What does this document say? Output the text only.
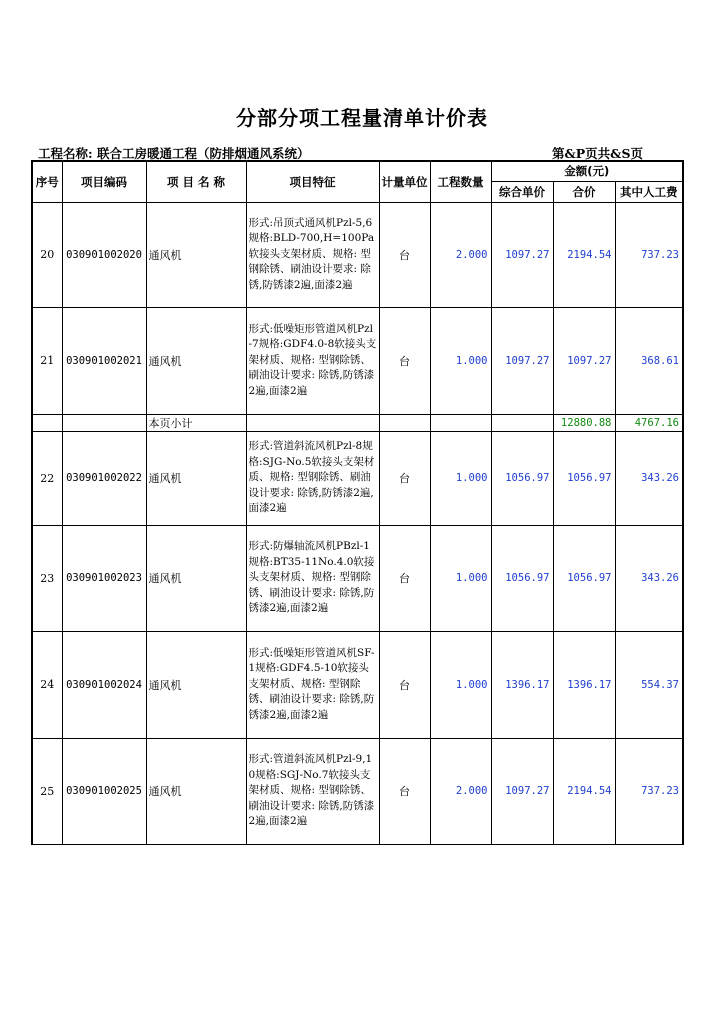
分部分项工程量清单计价表
工程名称: 联合工房暖通工程（防排烟通风系统）	第&P页共&S页
序号	项目编码	项 目 名 称	项目特征	计量单位	工程数量	金额(元)		
						综合单价	合价	其中人工费
20	030901002020	通风机	形式:吊顶式通风机Pzl-5,6规格:BLD-700,H=100Pa软接头支架材质、规格: 型钢除锈、刷油设计要求: 除锈,防锈漆2遍,面漆2遍	台	2.000	1097.27	2194.54	737.23
21	030901002021	通风机	形式:低噪矩形管道风机Pzl-7规格:GDF4.0-8软接头支架材质、规格: 型钢除锈、刷油设计要求: 除锈,防锈漆2遍,面漆2遍	台	1.000	1097.27	1097.27	368.61
		本页小计					12880.88	4767.16
22	030901002022	通风机	形式:管道斜流风机Pzl-8规格:SJG-No.5软接头支架材质、规格: 型钢除锈、刷油设计要求: 除锈,防锈漆2遍,面漆2遍	台	1.000	1056.97	1056.97	343.26
23	030901002023	通风机	形式:防爆轴流风机PBzl-1规格:BT35-11No.4.0软接头支架材质、规格: 型钢除锈、刷油设计要求: 除锈,防锈漆2遍,面漆2遍	台	1.000	1056.97	1056.97	343.26
24	030901002024	通风机	形式:低噪矩形管道风机SF-1规格:GDF4.5-10软接头支架材质、规格: 型钢除锈、刷油设计要求: 除锈,防锈漆2遍,面漆2遍	台	1.000	1396.17	1396.17	554.37
25	030901002025	通风机	形式:管道斜流风机Pzl-9,10规格:SGJ-No.7软接头支架材质、规格: 型钢除锈、刷油设计要求: 除锈,防锈漆2遍,面漆2遍	台	2.000	1097.27	2194.54	737.23
